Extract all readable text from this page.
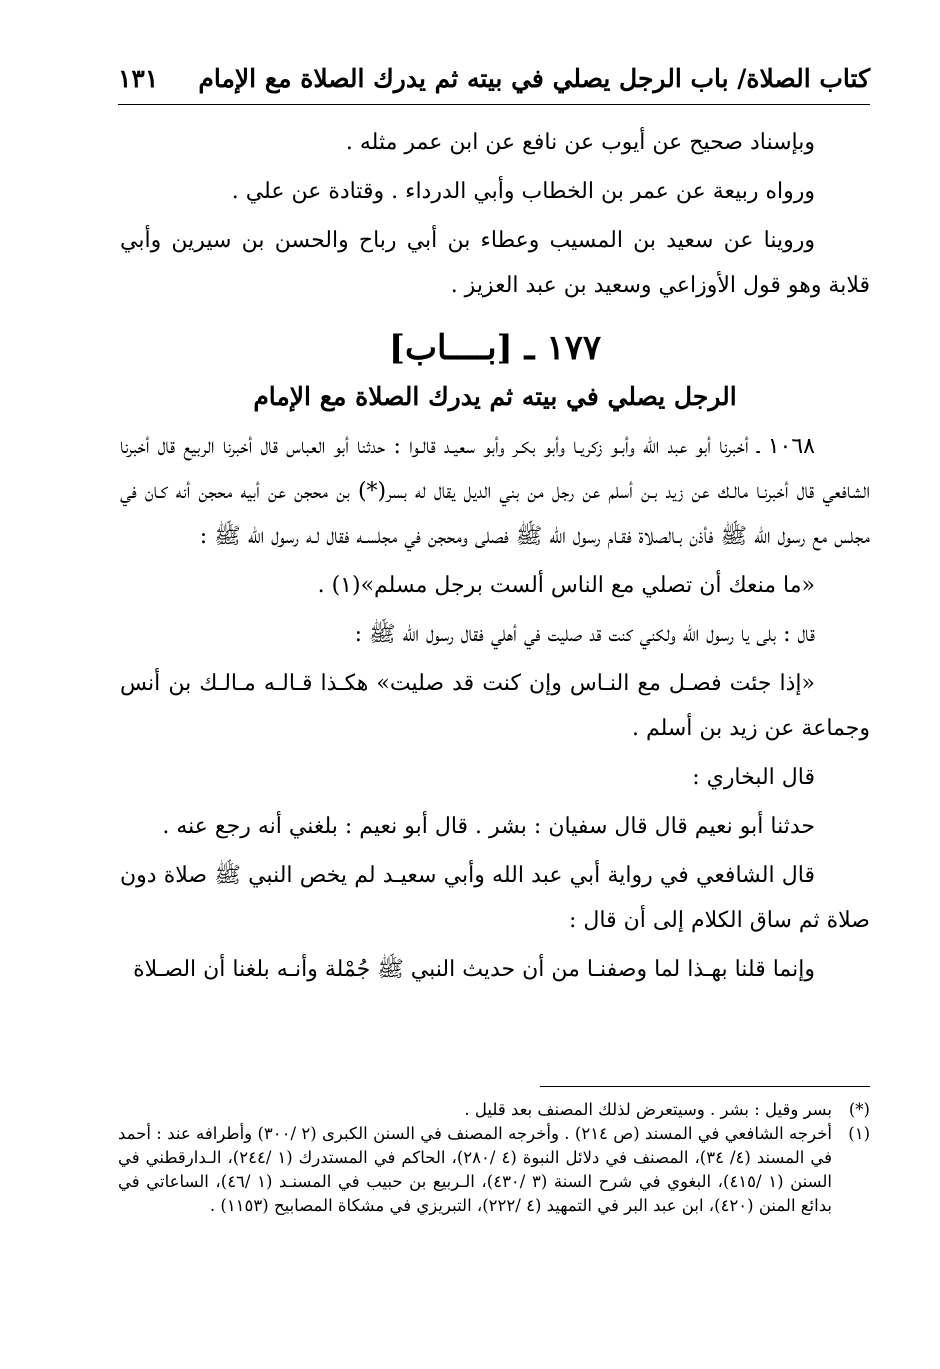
كتاب الصلاة/ باب الرجل يصلي في بيته ثم يدرك الصلاة مع الإمام
١٣١

وبإسناد صحيح عن أيوب عن نافع عن ابن عمر مثله .

ورواه ربيعة عن عمر بن الخطاب وأبي الدرداء . وقتادة عن علي .

وروينا عن سعيد بن المسيب وعطاء بن أبي رباح والحسن بن سيرين وأبي قلابة وهو قول الأوزاعي وسعيد بن عبد العزيز .

١٧٧ ـ [بــــاب]
الرجل يصلي في بيته ثم يدرك الصلاة مع الإمام

١٠٦٨ ـ أخبرنا أبو عبد الله وأبـو زكريـا وأبو بكـر وأبو سعيـد قالـوا : حدثنا أبو العباس قال أخبرنا الربيع قال أخبرنا الشافعي قال أخبرنـا مالـك عن زيد بـن أسلم عن رجل من بني الديل يقال له بسر(*) بن محجن عن أبيه محجن أنه كـان في مجلس مع رسول الله ﷺ فأذن بـالصلاة فقـام رسول الله ﷺ فصلى ومحجن في مجلسـه فقال لـه رسول الله ﷺ :

«ما منعك أن تصلي مع الناس ألست برجل مسلم»(١) .

قال : بلى يا رسول الله ولكني كنت قد صليت في أهلي فقال رسول الله ﷺ :

«إذا جئت فصـل مع النـاس وإن كنت قد صليت» هكـذا قـالـه مـالـك بن أنس وجماعة عن زيد بن أسلم .

قال البخاري :

حدثنا أبو نعيم قال قال سفيان : بشر . قال أبو نعيم : بلغني أنه رجع عنه .

قال الشافعي في رواية أبي عبد الله وأبي سعيـد لم يخص النبي ﷺ صلاة دون صلاة ثم ساق الكلام إلى أن قال :

وإنما قلنا بهـذا لما وصفنـا من أن حديث النبي ﷺ جُمْلة وأنـه بلغنا أن الصـلاة

(*)
بسر وقيل : بشر . وسيتعرض لذلك المصنف بعد قليل .
(١)
أخرجه الشافعي في المسند (ص ٢١٤) . وأخرجه المصنف في السنن الكبرى (٢ /٣٠٠) وأطرافه عند : أحمد في المسند (٤/ ٣٤)، المصنف في دلائل النبوة (٤ /٢٨٠)، الحاكم في المستدرك (١ /٢٤٤)، الـدارقطني في السنن (١ /٤١٥)، البغوي في شرح السنة (٣ /٤٣٠)، الـربيع بن حبيب في المسنـد (١ /٤٦)، الساعاتي في بدائع المنن (٤٢٠)، ابن عبد البر في التمهيد (٤ /٢٢٢)، التبريزي في مشكاة المصابيح (١١٥٣) .
